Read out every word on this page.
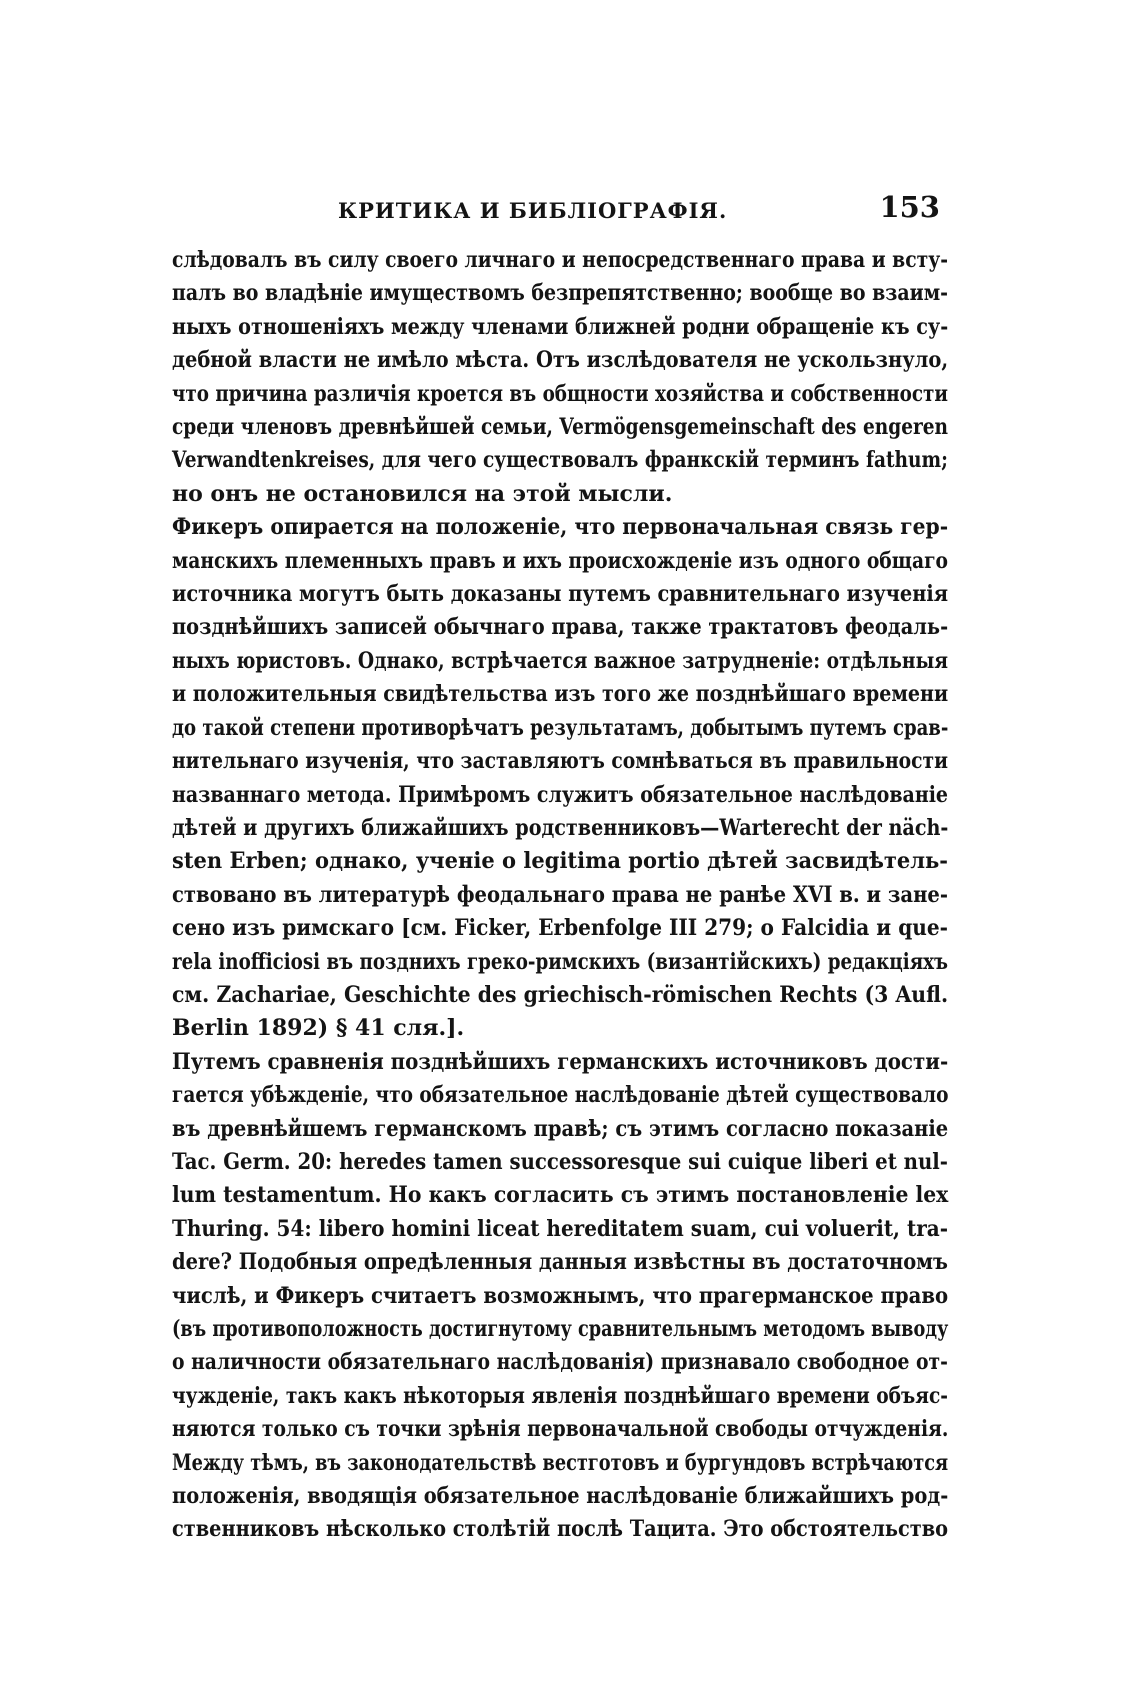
КРИТИКА И БИБЛІОГРАФІЯ.	153

слѣдовалъ въ силу своего личнаго и непосредственнаго права и всту-
палъ во владѣніе имуществомъ безпрепятственно; вообще во взаим-
ныхъ отношеніяхъ между членами ближней родни обращеніе къ су-
дебной власти не имѣло мѣста. Отъ изслѣдователя не ускользнуло,
что причина различія кроется въ общности хозяйства и собственности
среди членовъ древнѣйшей семьи, Vermögensgemeinschaft des engeren
Verwandtenkreises, для чего существовалъ франкскій терминъ fathum;
но онъ не остановился на этой мысли.

Фикеръ опирается на положеніе, что первоначальная связь гер-
манскихъ племенныхъ правъ и ихъ происхожденіе изъ одного общаго
источника могутъ быть доказаны путемъ сравнительнаго изученія
позднѣйшихъ записей обычнаго права, также трактатовъ феодаль-
ныхъ юристовъ. Однако, встрѣчается важное затрудненіе: отдѣльныя
и положительныя свидѣтельства изъ того же позднѣйшаго времени
до такой степени противорѣчатъ результатамъ, добытымъ путемъ срав-
нительнаго изученія, что заставляютъ сомнѣваться въ правильности
названнаго метода. Примѣромъ служитъ обязательное наслѣдованіе
дѣтей и другихъ ближайшихъ родственниковъ—Warterecht der näch-
sten Erben; однако, ученіе о legitima portio дѣтей засвидѣтель-
ствовано въ литературѣ феодальнаго права не ранѣе XVI в. и зане-
сено изъ римскаго [см. Ficker, Erbenfolge III 279; о Falcidia и que-
rela inofficiosi въ позднихъ греко-римскихъ (византійскихъ) редакціяхъ
см. Zachariae, Geschichte des griechisch-römischen Rechts (3 Aufl.
Berlin 1892) § 41 сля.].

Путемъ сравненія позднѣйшихъ германскихъ источниковъ дости-
гается убѣжденіе, что обязательное наслѣдованіе дѣтей существовало
въ древнѣйшемъ германскомъ правѣ; съ этимъ согласно показаніе
Tac. Germ. 20: heredes tamen successoresque sui cuique liberi et nul-
lum testamentum. Но какъ согласить съ этимъ постановленіе lex
Thuring. 54: libero homini liceat hereditatem suam, cui voluerit, tra-
dere? Подобныя опредѣленныя данныя извѣстны въ достаточномъ
числѣ, и Фикеръ считаетъ возможнымъ, что прагерманское право
(въ противоположность достигнутому сравнительнымъ методомъ выводу
о наличности обязательнаго наслѣдованія) признавало свободное от-
чужденіе, такъ какъ нѣкоторыя явленія позднѣйшаго времени объяс-
няются только съ точки зрѣнія первоначальной свободы отчужденія.
Между тѣмъ, въ законодательствѣ вестготовъ и бургундовъ встрѣчаются
положенія, вводящія обязательное наслѣдованіе ближайшихъ род-
ственниковъ нѣсколько столѣтій послѣ Тацита. Это обстоятельство
